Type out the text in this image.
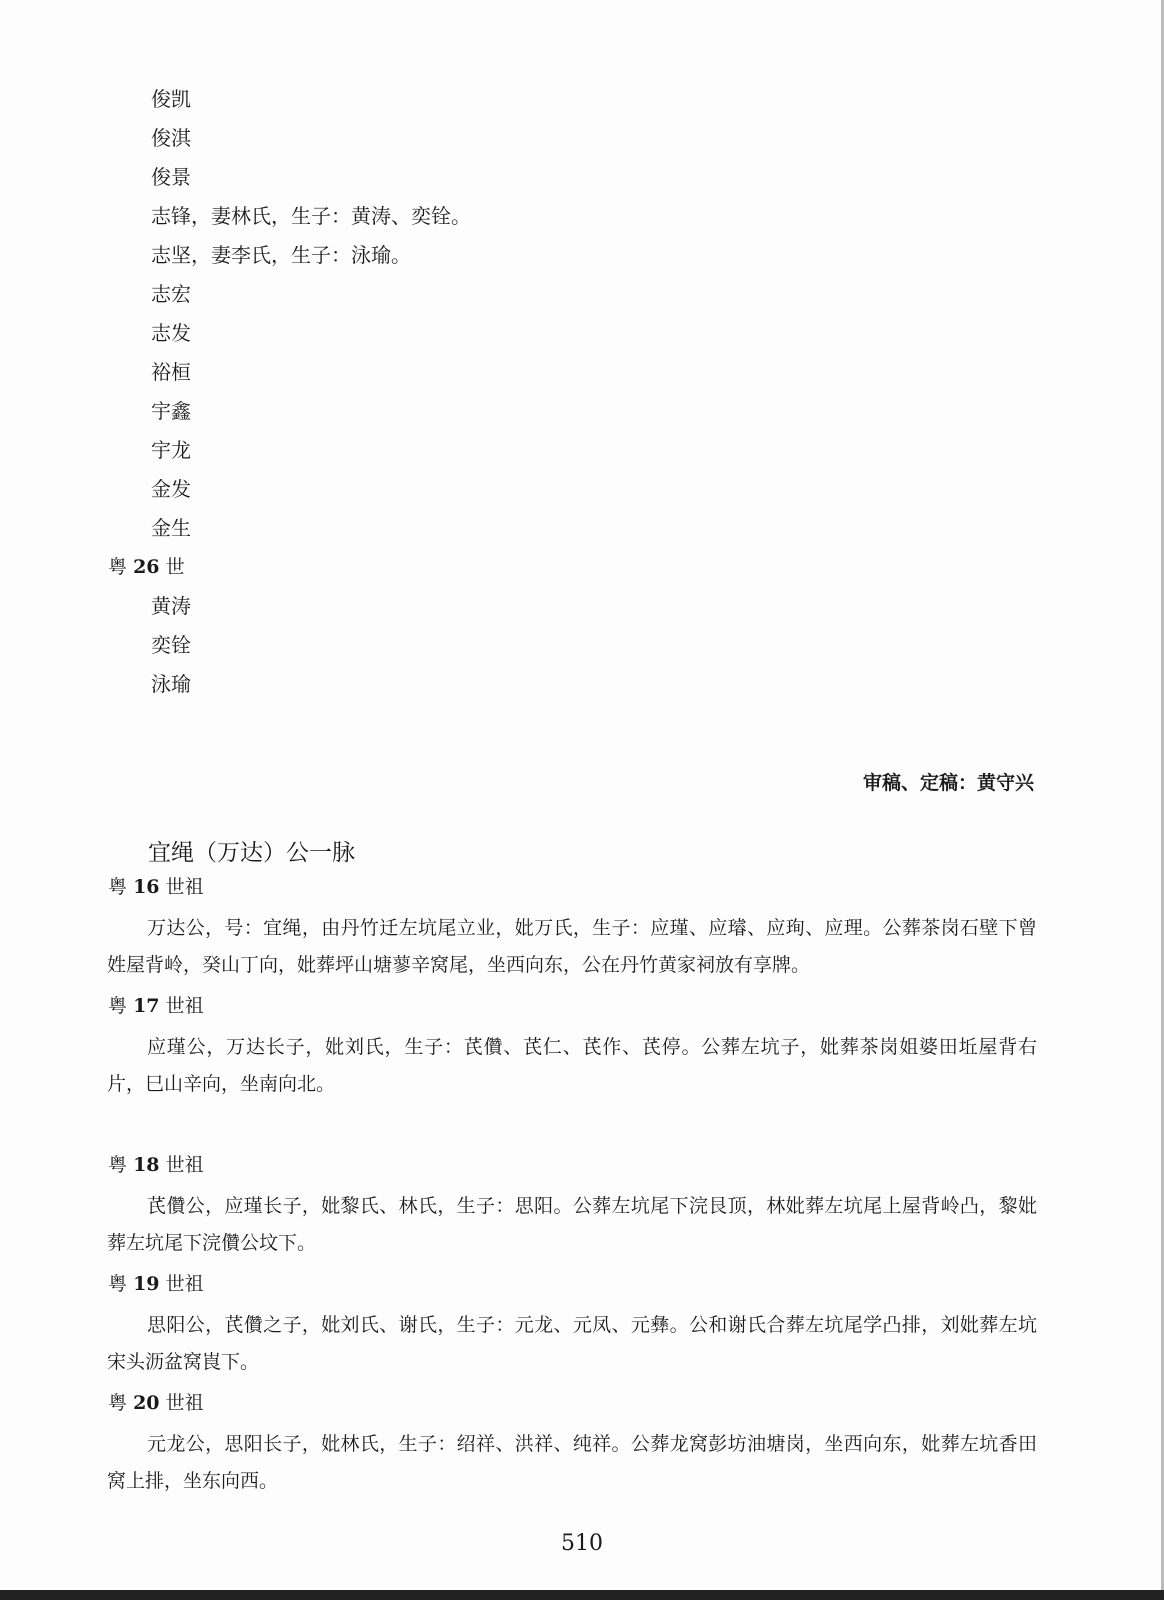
俊凯
俊淇
俊景
志锋，妻林氏，生子：黄涛、奕铨。
志坚，妻李氏，生子：泳瑜。
志宏
志发
裕桓
宇鑫
宇龙
金发
金生
粤 26 世
黄涛
奕铨
泳瑜
审稿、定稿：黄守兴
宜绳（万达）公一脉
粤 16 世祖
万达公，号：宜绳，由丹竹迁左坑尾立业，妣万氏，生子：应瑾、应璿、应珣、应理。公葬茶岗石壁下曾姓屋背岭，癸山丁向，妣葬坪山塘蓼辛窝尾，坐西向东，公在丹竹黄家祠放有享牌。
粤 17 世祖
应瑾公，万达长子，妣刘氏，生子：芪儹、芪仁、芪作、芪停。公葬左坑子，妣葬茶岗姐婆田坵屋背右片，巳山辛向，坐南向北。
粤 18 世祖
芪儹公，应瑾长子，妣黎氏、林氏，生子：思阳。公葬左坑尾下浣艮顶，林妣葬左坑尾上屋背岭凸，黎妣葬左坑尾下浣儹公坟下。
粤 19 世祖
思阳公，芪儹之子，妣刘氏、谢氏，生子：元龙、元凤、元彝。公和谢氏合葬左坑尾学凸排，刘妣葬左坑宋头沥盆窝崀下。
粤 20 世祖
元龙公，思阳长子，妣林氏，生子：绍祥、洪祥、纯祥。公葬龙窝彭坊油塘岗，坐西向东，妣葬左坑香田窝上排，坐东向西。
510
